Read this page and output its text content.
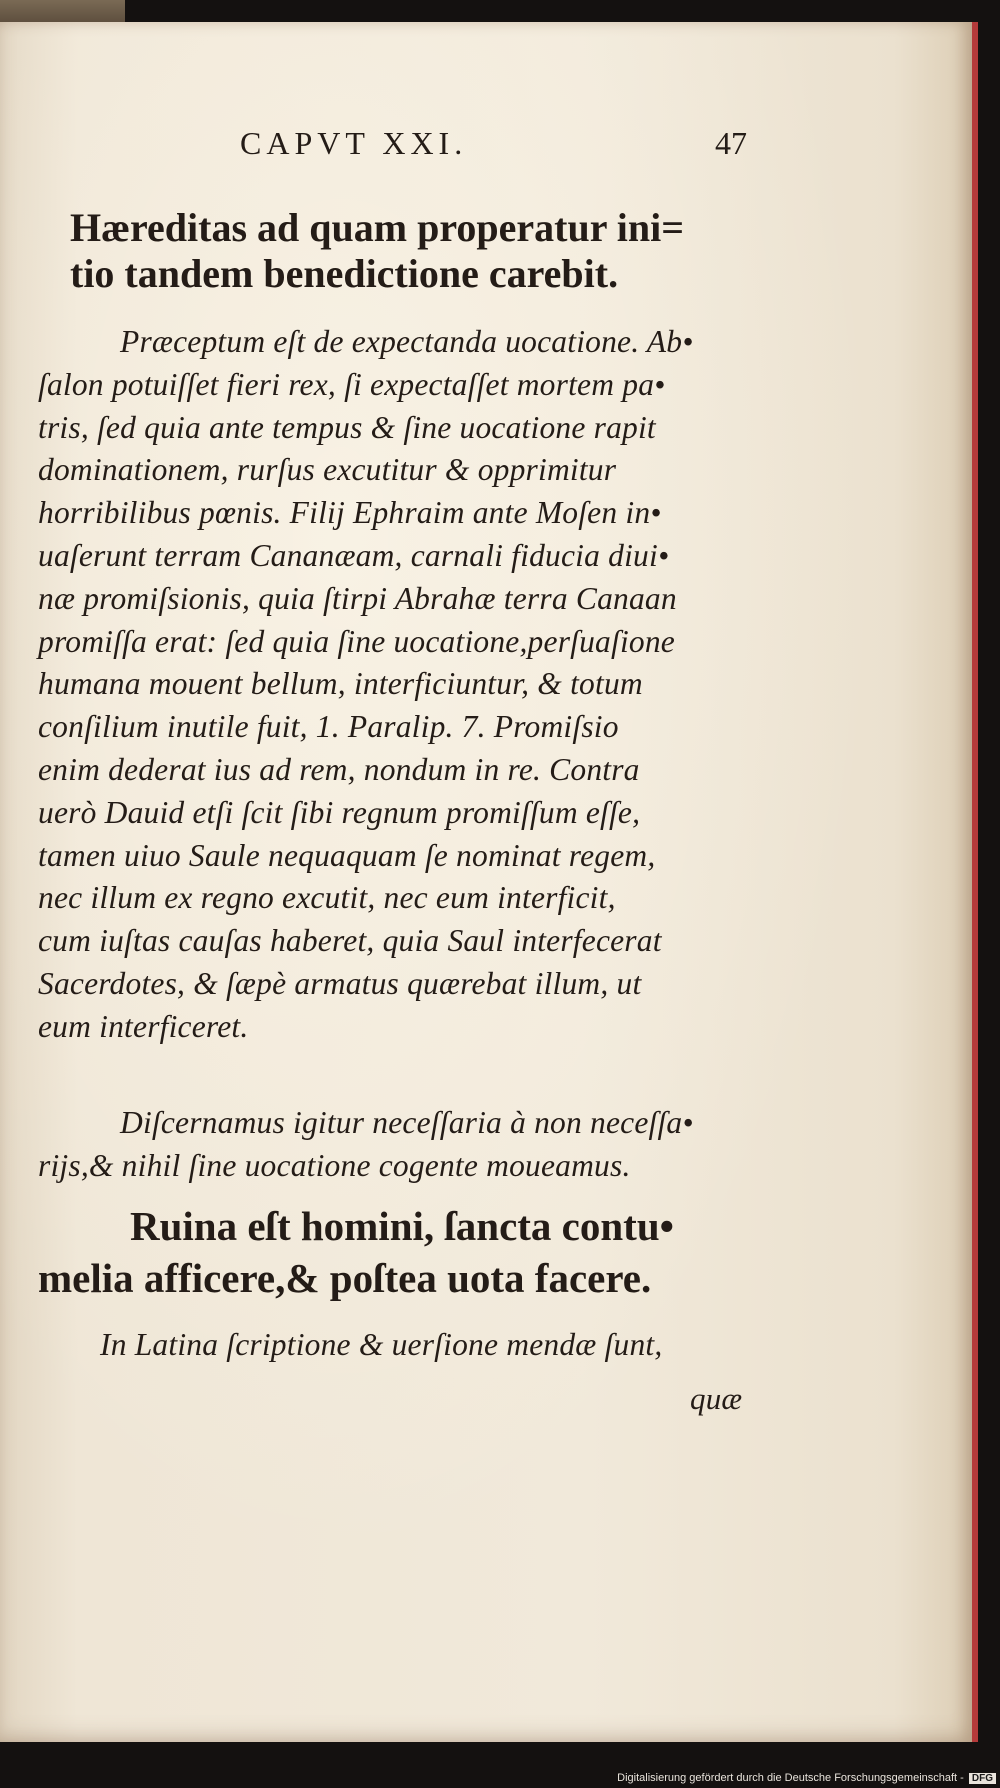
CAPVT XXI.	47
Hæreditas ad quam properatur ini=
tio tandem benedictione carebit.
Præceptum eſt de expectanda uocatione. Ab•
ſalon potuiſſet fieri rex, ſi expectaſſet mortem pa•
tris, ſed quia ante tempus & ſine uocatione rapit
dominationem, rurſus excutitur & opprimitur
horribilibus pœnis. Filij Ephraim ante Moſen in•
uaſerunt terram Cananæam, carnali fiducia diui•
næ promiſsionis, quia ſtirpi Abrahæ terra Canaan
promiſſa erat: ſed quia ſine uocatione,perſuaſione
humana mouent bellum, interficiuntur, & totum
conſilium inutile fuit, 1. Paralip. 7. Promiſsio
enim dederat ius ad rem, nondum in re. Contra
uerò Dauid etſi ſcit ſibi regnum promiſſum eſſe,
tamen uiuo Saule nequaquam ſe nominat regem,
nec illum ex regno excutit, nec eum interficit,
cum iuſtas cauſas haberet, quia Saul interfecerat
Sacerdotes, & ſæpè armatus quærebat illum, ut
eum interficeret.
Diſcernamus igitur neceſſaria à non neceſſa•
rijs,& nihil ſine uocatione cogente moueamus.
Ruina eſt homini, ſancta contu•
melia afficere,& poſtea uota facere.
In Latina ſcriptione & uerſione mendæ ſunt,
quæ
Digitalisierung gefördert durch die Deutsche Forschungsgemeinschaft - DFG
